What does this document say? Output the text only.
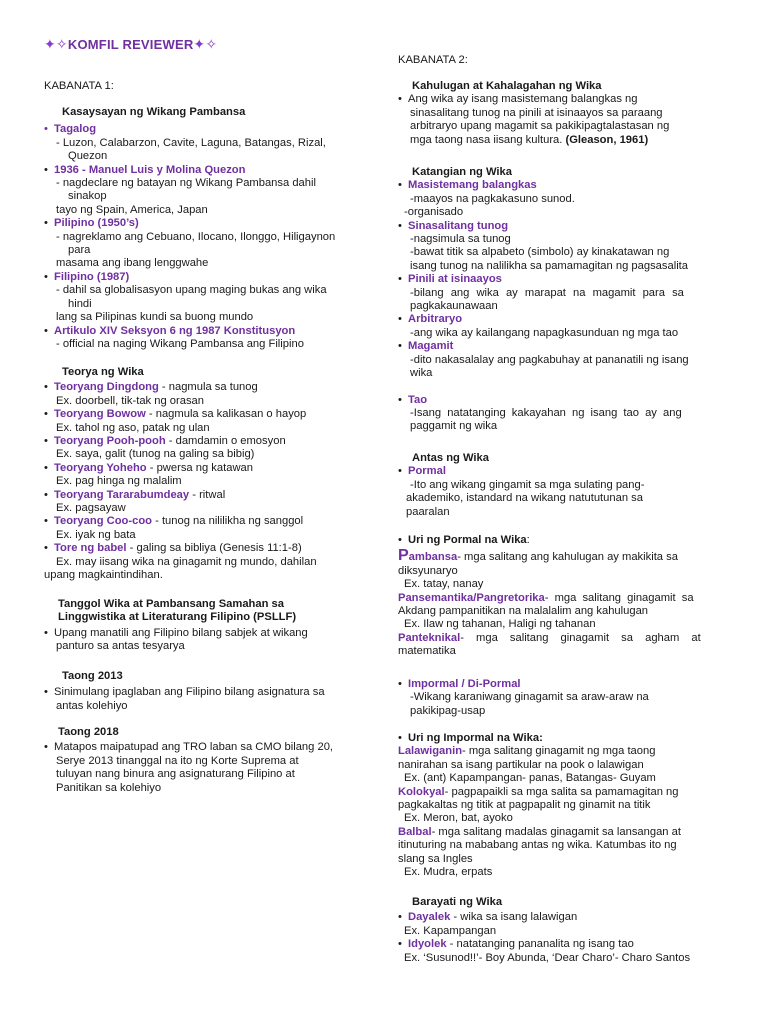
✦✧KOMFIL REVIEWER✦✧
KABANATA 1:
Kasaysayan ng Wikang Pambansa
• Tagalog
- Luzon, Calabarzon, Cavite, Laguna, Batangas, Rizal,
Quezon
• 1936 - Manuel Luis y Molina Quezon
- nagdeclare ng batayan ng Wikang Pambansa dahil
sinakop
tayo ng Spain, America, Japan
• Pilipino (1950’s)
- nagreklamo ang Cebuano, Ilocano, Ilonggo, Hiligaynon
para
masama ang ibang lenggwahe
• Filipino (1987)
- dahil sa globalisasyon upang maging bukas ang wika
hindi
lang sa Pilipinas kundi sa buong mundo
• Artikulo XIV Seksyon 6 ng 1987 Konstitusyon
- official na naging Wikang Pambansa ang Filipino
Teorya ng Wika
• Teoryang Dingdong - nagmula sa tunog
Ex. doorbell, tik-tak ng orasan
• Teoryang Bowow - nagmula sa kalikasan o hayop
Ex. tahol ng aso, patak ng ulan
• Teoryang Pooh-pooh - damdamin o emosyon
Ex. saya, galit (tunog na galing sa bibig)
• Teoryang Yoheho - pwersa ng katawan
Ex. pag hinga ng malalim
• Teoryang Tararabumdeay - ritwal
Ex. pagsayaw
• Teoryang Coo-coo - tunog na nililikha ng sanggol
Ex. iyak ng bata
• Tore ng babel - galing sa bibliya (Genesis 11:1-8)
Ex. may iisang wika na ginagamit ng mundo, dahilan
upang magkaintindihan.
Tanggol Wika at Pambansang Samahan sa
Linggwistika at Literaturang Filipino (PSLLF)
• Upang manatili ang Filipino bilang sabjek at wikang
panturo sa antas tesyarya
Taong 2013
• Sinimulang ipaglaban ang Filipino bilang asignatura sa
antas kolehiyo
Taong 2018
• Matapos maipatupad ang TRO laban sa CMO bilang 20,
Serye 2013 tinanggal na ito ng Korte Suprema at
tuluyan nang binura ang asignaturang Filipino at
Panitikan sa kolehiyo
KABANATA 2:
Kahulugan at Kahalagahan ng Wika
• Ang wika ay isang masistemang balangkas ng
sinasalitang tunog na pinili at isinaayos sa paraang
arbitraryo upang magamit sa pakikipagtalastasan ng
mga taong nasa iisang kultura. (Gleason, 1961)
Katangian ng Wika
• Masistemang balangkas
-maayos na pagkakasuno sunod.
-organisado
• Sinasalitang tunog
-nagsimula sa tunog
-bawat titik sa alpabeto (simbolo) ay kinakatawan ng
isang tunog na nalilikha sa pamamagitan ng pagsasalita
• Pinili at isinaayos
-bilang ang wika ay marapat na magamit para sa
pagkakaunawaan
• Arbitraryo
-ang wika ay kailangang napagkasunduan ng mga tao
• Magamit
-dito nakasalalay ang pagkabuhay at pananatili ng isang
wika
• Tao
-Isang natatanging kakayahan ng isang tao ay ang
paggamit ng wika
Antas ng Wika
• Pormal
-Ito ang wikang gingamit sa mga sulating pang-
akademiko, istandard na wikang natututunan sa
paaralan
• Uri ng Pormal na Wika:
Pambansa- mga salitang ang kahulugan ay makikita sa
diksyunaryo
Ex. tatay, nanay
Pansemantika/Pangretorika- mga salitang ginagamit sa
Akdang pampanitikan na malalalim ang kahulugan
Ex. Ilaw ng tahanan, Haligi ng tahanan
Panteknikal- mga salitang ginagamit sa agham at
matematika
• Impormal / Di-Pormal
-Wikang karaniwang ginagamit sa araw-araw na
pakikipag-usap
• Uri ng Impormal na Wika:
Lalawiganin- mga salitang ginagamit ng mga taong
nanirahan sa isang partikular na pook o lalawigan
Ex. (ant) Kapampangan- panas, Batangas- Guyam
Kolokyal- pagpapaikli sa mga salita sa pamamagitan ng
pagkakaltas ng titik at pagpapalit ng ginamit na titik
Ex. Meron, bat, ayoko
Balbal- mga salitang madalas ginagamit sa lansangan at
itinuturing na mababang antas ng wika. Katumbas ito ng
slang sa Ingles
Ex. Mudra, erpats
Barayati ng Wika
• Dayalek - wika sa isang lalawigan
Ex. Kapampangan
• Idyolek - natatanging pananalita ng isang tao
Ex. ‘Susunod!!’- Boy Abunda, ‘Dear Charo’- Charo Santos
